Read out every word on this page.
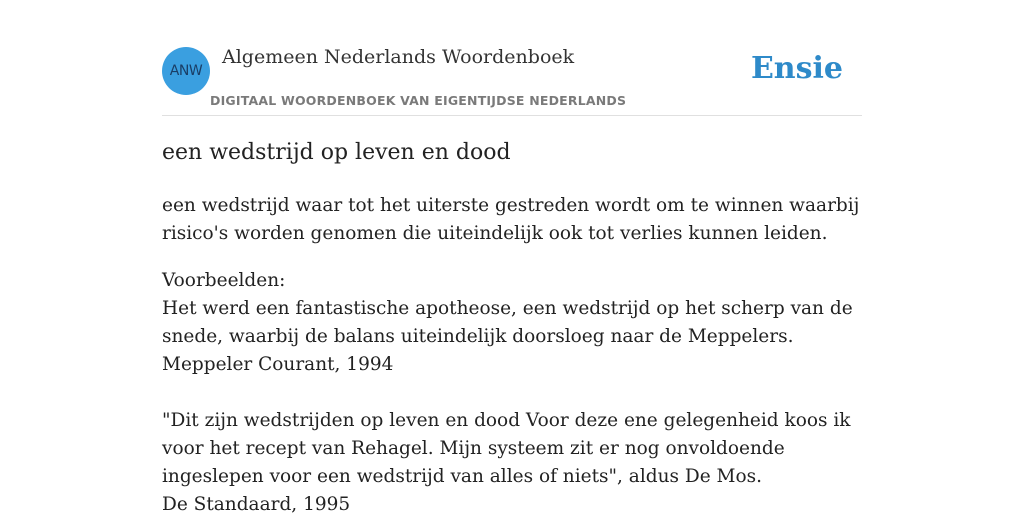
ANW
Algemeen Nederlands Woordenboek
DIGITAAL WOORDENBOEK VAN EIGENTIJDSE NEDERLANDS
Ensie
een wedstrijd op leven en dood
een wedstrijd waar tot het uiterste gestreden wordt om te winnen waarbij risico's worden genomen die uiteindelijk ook tot verlies kunnen leiden.
Voorbeelden:
Het werd een fantastische apotheose, een wedstrijd op het scherp van de snede, waarbij de balans uiteindelijk doorsloeg naar de Meppelers.
Meppeler Courant, 1994
"Dit zijn wedstrijden op leven en dood Voor deze ene gelegenheid koos ik voor het recept van Rehagel. Mijn systeem zit er nog onvoldoende ingeslepen voor een wedstrijd van alles of niets", aldus De Mos.
De Standaard, 1995
